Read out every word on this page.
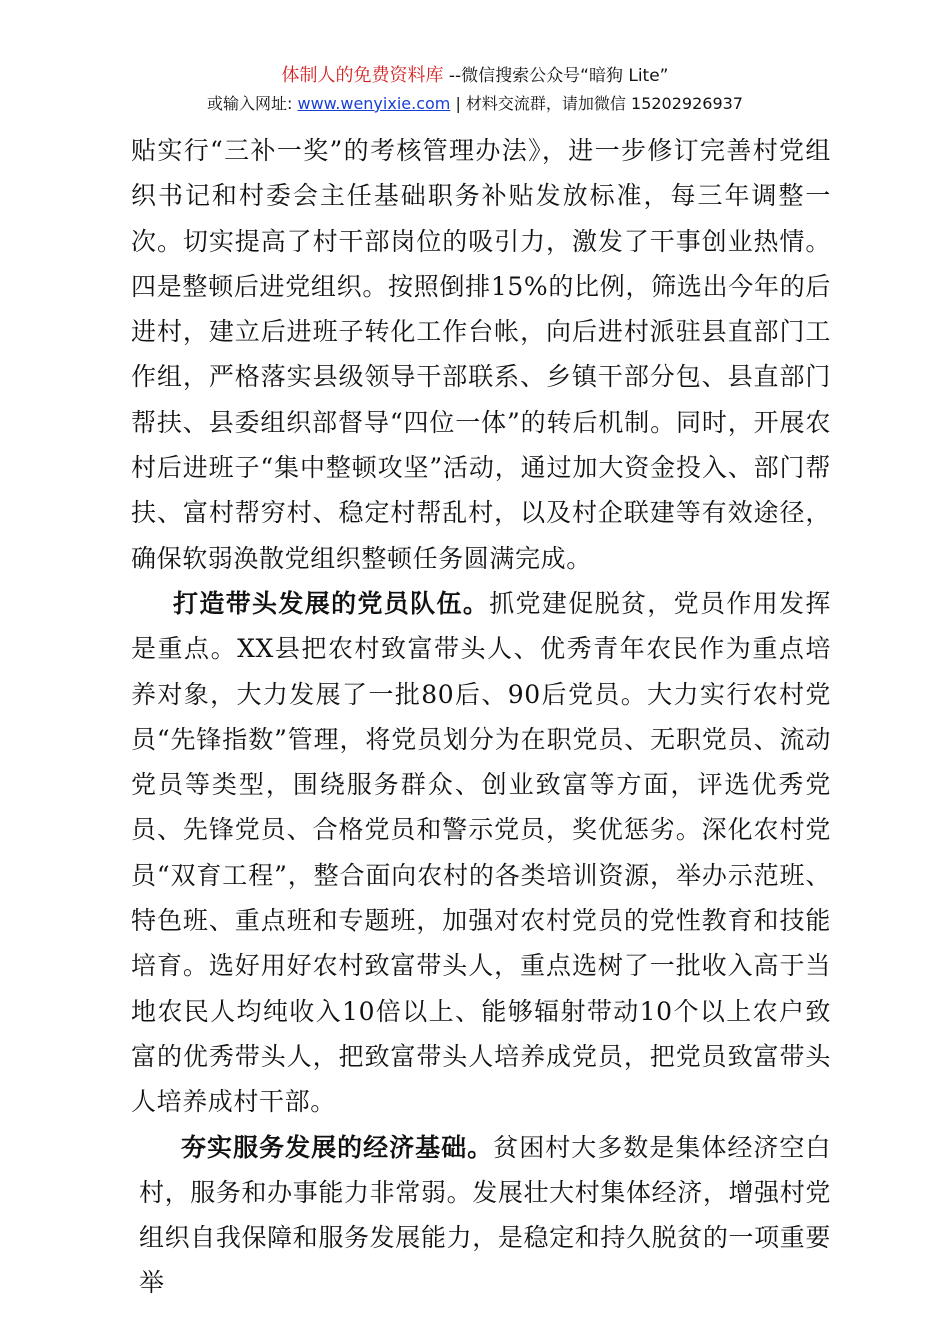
体制人的免费资料库 --微信搜索公众号“暗狗 Lite”
或输入网址: www.wenyixie.com | 材料交流群，请加微信 15202926937

贴实行“三补一奖”的考核管理办法》，进一步修订完善村党组织书记和村委会主任基础职务补贴发放标准，每三年调整一次。切实提高了村干部岗位的吸引力，激发了干事创业热情。四是整顿后进党组织。按照倒排15%的比例，筛选出今年的后进村，建立后进班子转化工作台帐，向后进村派驻县直部门工作组，严格落实县级领导干部联系、乡镇干部分包、县直部门帮扶、县委组织部督导“四位一体”的转后机制。同时，开展农村后进班子“集中整顿攻坚”活动，通过加大资金投入、部门帮扶、富村帮穷村、稳定村帮乱村，以及村企联建等有效途径，确保软弱涣散党组织整顿任务圆满完成。

打造带头发展的党员队伍。抓党建促脱贫，党员作用发挥是重点。XX县把农村致富带头人、优秀青年农民作为重点培养对象，大力发展了一批80后、90后党员。大力实行农村党员“先锋指数”管理，将党员划分为在职党员、无职党员、流动党员等类型，围绕服务群众、创业致富等方面，评选优秀党员、先锋党员、合格党员和警示党员，奖优惩劣。深化农村党员“双育工程”，整合面向农村的各类培训资源，举办示范班、特色班、重点班和专题班，加强对农村党员的党性教育和技能培育。选好用好农村致富带头人，重点选树了一批收入高于当地农民人均纯收入10倍以上、能够辐射带动10个以上农户致富的优秀带头人，把致富带头人培养成党员，把党员致富带头人培养成村干部。

夯实服务发展的经济基础。贫困村大多数是集体经济空白村，服务和办事能力非常弱。发展壮大村集体经济，增强村党组织自我保障和服务发展能力，是稳定和持久脱贫的一项重要举
